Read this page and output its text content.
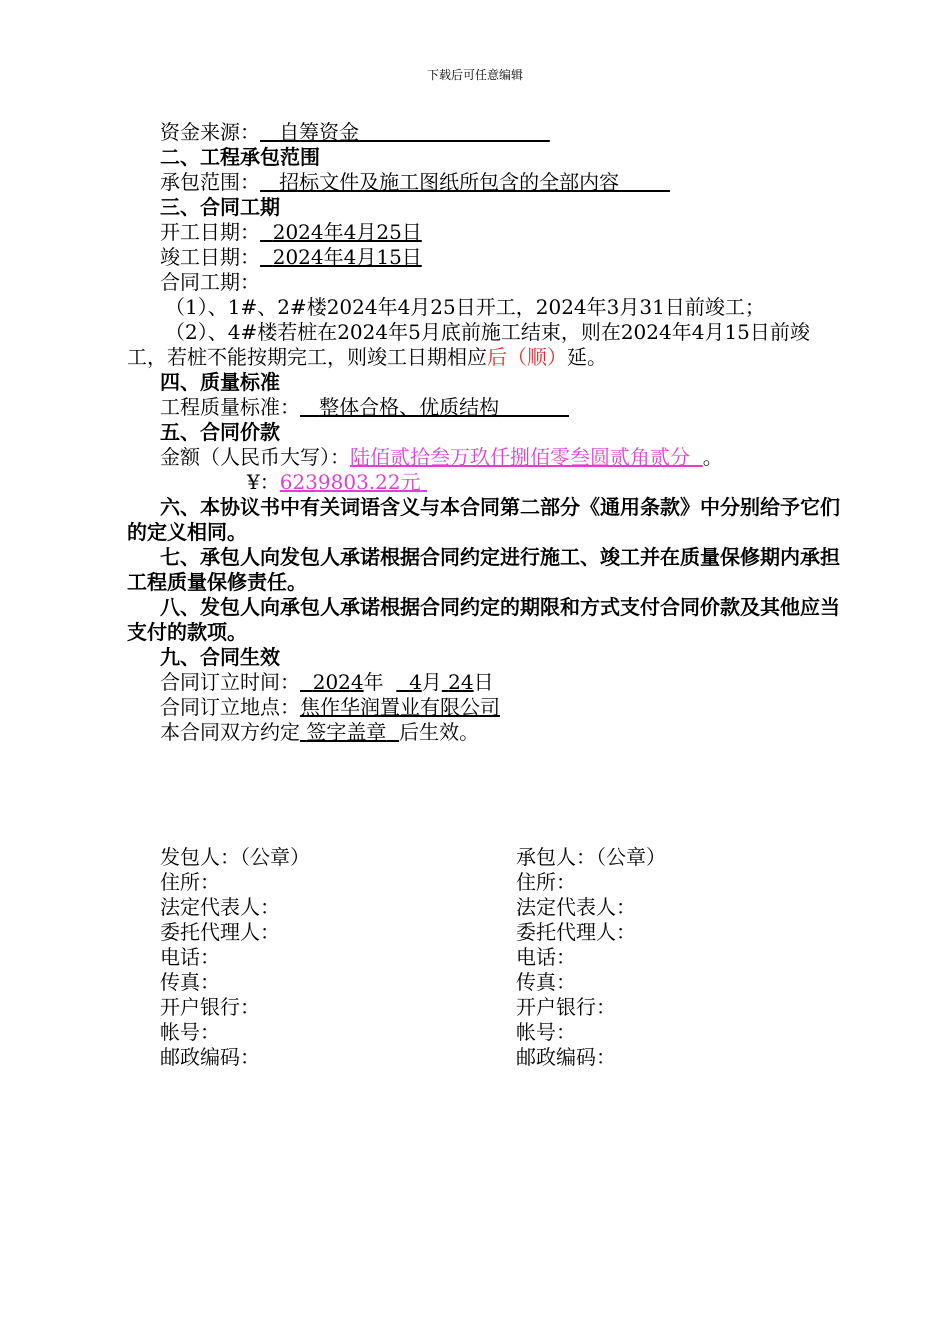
下载后可任意编辑
资金来源： 自筹资金
二、工程承包范围
承包范围： 招标文件及施工图纸所包含的全部内容
三、合同工期
开工日期： 2024年4月25日
竣工日期： 2024年4月15日
合同工期：
（1）、1#、2#楼2024年4月25日开工，2024年3月31日前竣工；
（2）、4#楼若桩在2024年5月底前施工结束，则在2024年4月15日前竣工，若桩不能按期完工，则竣工日期相应后（顺）延。
四、质量标准
工程质量标准： 整体合格、优质结构
五、合同价款
金额（人民币大写）：陆佰贰拾叁万玖仟捌佰零叁圆贰角贰分 。
¥：6239803.22元
六、本协议书中有关词语含义与本合同第二部分《通用条款》中分别给予它们的定义相同。
七、承包人向发包人承诺根据合同约定进行施工、竣工并在质量保修期内承担工程质量保修责任。
八、发包人向承包人承诺根据合同约定的期限和方式支付合同价款及其他应当支付的款项。
九、合同生效
合同订立时间： 2024年 4月 24日
合同订立地点：焦作华润置业有限公司
本合同双方约定 签字盖章 后生效。
发包人：（公章）
住所：
法定代表人：
委托代理人：
电话：
传真：
开户银行：
帐号：
邮政编码：
承包人：（公章）
住所：
法定代表人：
委托代理人：
电话：
传真：
开户银行：
帐号：
邮政编码：
